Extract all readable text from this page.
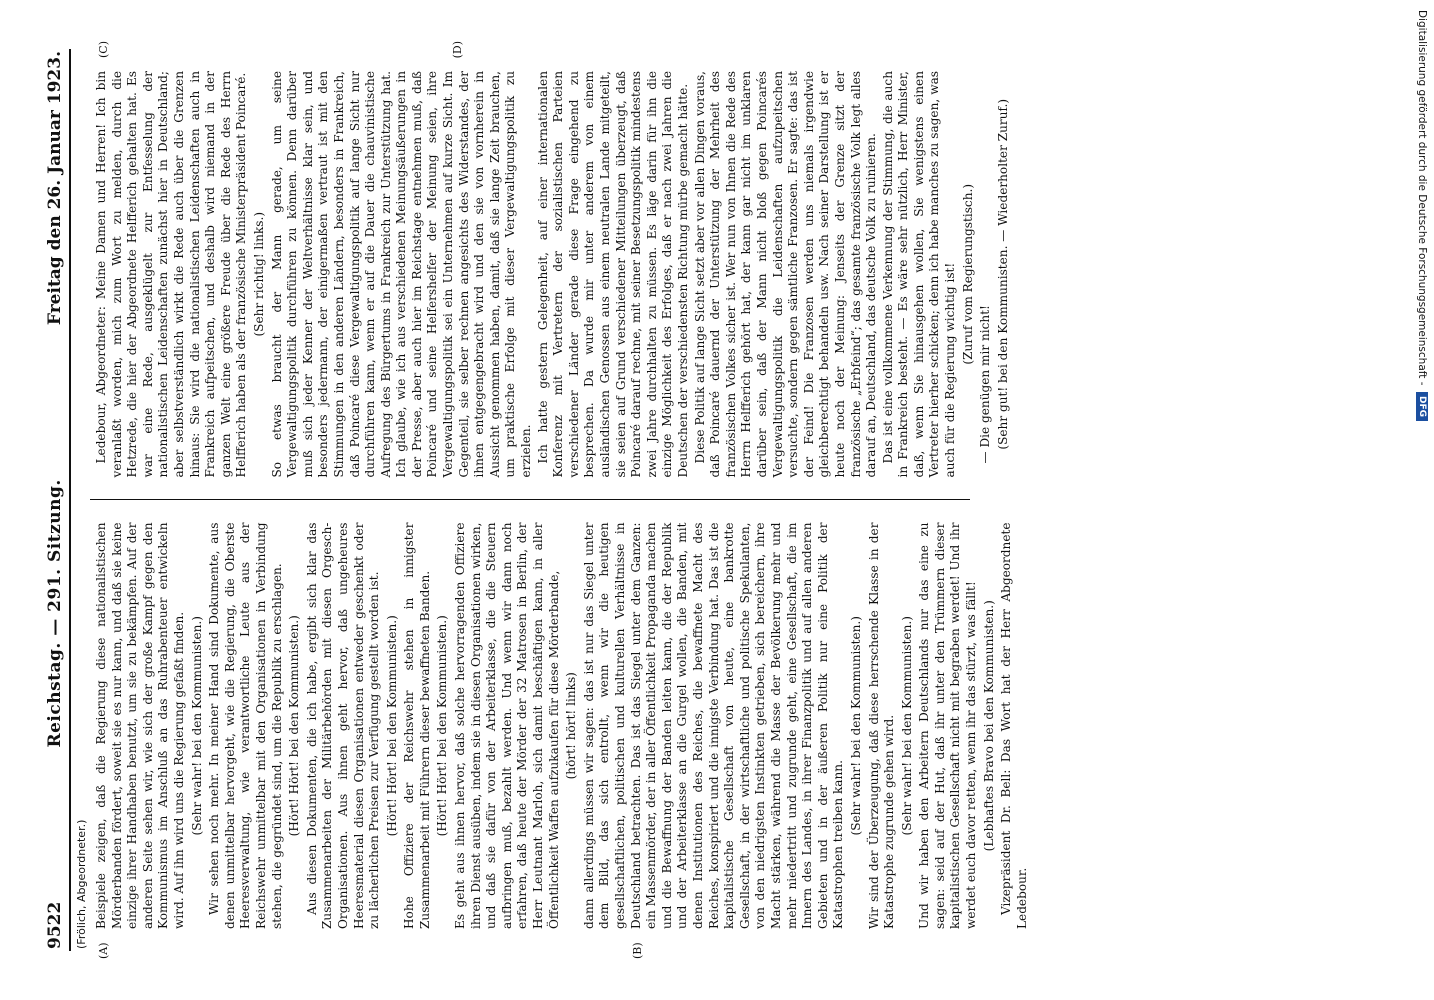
9522
Reichstag. — 291. Sitzung.
Freitag den 26. Januar 1923.
(Frölich, Abgeordneter.)
(A)	(B)

Beispiele zeigen, daß die Regierung diese nationalistischen Mörderbanden fördert, soweit sie es nur kann, und daß sie keine einzige ihrer Handhaben benutzt, um sie zu bekämpfen. Auf der anderen Seite sehen wir, wie sich der große Kampf gegen den Kommunismus im Anschluß an das Ruhrabenteuer entwickeln wird. Auf ihn wird uns die Regierung gefaßt finden. (Sehr wahr! bei den Kommunisten.) Wir sehen noch mehr. In meiner Hand sind Dokumente, aus denen unmittelbar hervorgeht, wie die Regierung, die Oberste Heeresverwaltung, wie verantwortliche Leute aus der Reichswehr unmittelbar mit den Organisationen in Verbindung stehen, die gegründet sind, um die Republik zu erschlagen. (Hört! Hört! bei den Kommunisten.) Aus diesen Dokumenten, die ich habe, ergibt sich klar das Zusammenarbeiten der Militärbehörden mit diesen Orgesch-Organisationen. Aus ihnen geht hervor, daß ungeheures Heeresmaterial diesen Organisationen entweder geschenkt oder zu lächerlichen Preisen zur Verfügung gestellt worden ist. (Hört! Hört! bei den Kommunisten.) Hohe Offiziere der Reichswehr stehen in innigster Zusammenarbeit mit Führern dieser bewaffneten Banden. (Hört! Hört! bei den Kommunisten.) Es geht aus ihnen hervor, daß solche hervorragenden Offiziere ihren Dienst ausüben, indem sie in diesen Organisationen wirken, und daß sie dafür von der Arbeiterklasse, die die Steuern aufbringen muß, bezahlt werden. Und wenn wir dann noch erfahren, daß heute der Mörder der 32 Matrosen in Berlin, der Herr Leutnant Marloh, sich damit beschäftigen kann, in aller Öffentlichkeit Waffen aufzukaufen für diese Mörderbande, (hört! hört! links) dann allerdings müssen wir sagen: das ist nur das Siegel unter dem Bild, das sich entrollt, wenn wir die heutigen gesellschaftlichen, politischen und kulturellen Verhältnisse in Deutschland betrachten. Das ist das Siegel unter dem Ganzen: ein Massenmörder, der in aller Öffentlichkeit Propaganda machen und die Bewaffnung der Banden leiten kann, die der Republik und der Arbeiterklasse an die Gurgel wollen, die Banden, mit denen Institutionen des Reiches, die bewaffnete Macht des Reiches, konspiriert und die innigste Verbindung hat. Das ist die kapitalistische Gesellschaft von heute, eine bankrotte Gesellschaft, in der wirtschaftliche und politische Spekulanten, von den niedrigsten Instinkten getrieben, sich bereichern, ihre Macht stärken, während die Masse der Bevölkerung mehr und mehr niedertritt und zugrunde geht, eine Gesellschaft, die im Innern des Landes, in ihrer Finanzpolitik und auf allen anderen Gebieten und in der äußeren Politik nur eine Politik der Katastrophen treiben kann.

(Sehr wahr! bei den Kommunisten.) Wir sind der Überzeugung, daß diese herrschende Klasse in der Katastrophe zugrunde gehen wird. (Sehr wahr! bei den Kommunisten.) Und wir haben den Arbeitern Deutschlands nur das eine zu sagen: seid auf der Hut, daß ihr unter den Trümmern dieser kapitalistischen Gesellschaft nicht mit begraben werdet! Und ihr werdet euch davor retten, wenn ihr das stürzt, was fällt! (Lebhaftes Bravo bei den Kommunisten.) Vizepräsident Dr. Bell: Das Wort hat der Herr Abgeordnete Ledebour.

(C)	(D)

Ledebour, Abgeordneter: Meine Damen und Herren! Ich bin veranlaßt worden, mich zum Wort zu melden, durch die Hetzrede, die hier der Abgeordnete Helfferich gehalten hat. Es war eine Rede, ausgeklügelt zur Entfesselung der nationalistischen Leidenschaften zunächst hier in Deutschland; aber selbstverständlich wirkt die Rede auch über die Grenzen hinaus: Sie wird die nationalistischen Leidenschaften auch in Frankreich aufpeitschen, und deshalb wird niemand in der ganzen Welt eine größere Freude über die Rede des Herrn Helfferich haben als der französische Ministerpräsident Poincaré. (Sehr richtig! links.) So etwas braucht der Mann gerade, um seine Vergewaltigungspolitik durchführen zu können. Denn darüber muß sich jeder Kenner der Weltverhältnisse klar sein, und besonders jedermann, der einigermaßen vertraut ist mit den Stimmungen in den anderen Ländern, besonders in Frankreich, daß Poincaré diese Vergewaltigungspolitik auf lange Sicht nur durchführen kann, wenn er auf die Dauer die chauvinistische Aufregung des Bürgertums in Frankreich zur Unterstützung hat. Ich glaube, wie ich aus verschiedenen Meinungsäußerungen in der Presse, aber auch hier im Reichstage entnehmen muß, daß Poincaré und seine Helfershelfer der Meinung seien, ihre Vergewaltigungspolitik sei ein Unternehmen auf kurze Sicht. Im Gegenteil, sie selber rechnen angesichts des Widerstandes, der ihnen entgegengebracht wird und den sie von vornherein in Aussicht genommen haben, damit, daß sie lange Zeit brauchen, um praktische Erfolge mit dieser Vergewaltigungspolitik zu erzielen. Ich hatte gestern Gelegenheit, auf einer internationalen Konferenz mit Vertretern der sozialistischen Parteien verschiedener Länder gerade diese Frage eingehend zu besprechen. Da wurde mir unter anderem von einem ausländischen Genossen aus einem neutralen Lande mitgeteilt, sie seien auf Grund verschiedener Mitteilungen überzeugt, daß Poincaré darauf rechne, mit seiner Besetzungspolitik mindestens zwei Jahre durchhalten zu müssen. Es läge darin für ihn die einzige Möglichkeit des Erfolges, daß er nach zwei Jahren die Deutschen der verschiedensten Richtung mürbe gemacht hätte. Diese Politik auf lange Sicht setzt aber vor allen Dingen voraus, daß Poincaré dauernd der Unterstützung der Mehrheit des französischen Volkes sicher ist. Wer nun von Ihnen die Rede des Herrn Helfferich gehört hat, der kann gar nicht im unklaren darüber sein, daß der Mann nicht bloß gegen Poincarés Vergewaltigungspolitik die Leidenschaften aufzupeitschen versuchte, sondern gegen sämtliche Franzosen. Er sagte: das ist der Feind! Die Franzosen werden uns niemals irgendwie gleichberechtigt behandeln usw. Nach seiner Darstellung ist er heute noch der Meinung: Jenseits der Grenze sitzt der französische „Erbfeind“; das gesamte französische Volk legt alles darauf an, Deutschland, das deutsche Volk zu ruinieren. Das ist eine vollkommene Verkennung der Stimmung, die auch in Frankreich besteht. — Es wäre sehr nützlich, Herr Minister, daß, wenn Sie hinausgehen wollen, Sie wenigstens einen Vertreter hierher schicken; denn ich habe manches zu sagen, was auch für die Regierung wichtig ist! (Zuruf vom Regierungstisch.)

— Die genügen mir nicht! (Sehr gut! bei den Kommunisten. — Wiederholter Zuruf.)	Digitalisierung gefördert durch die Deutsche Forschungsgemeinschaft -
DFG
